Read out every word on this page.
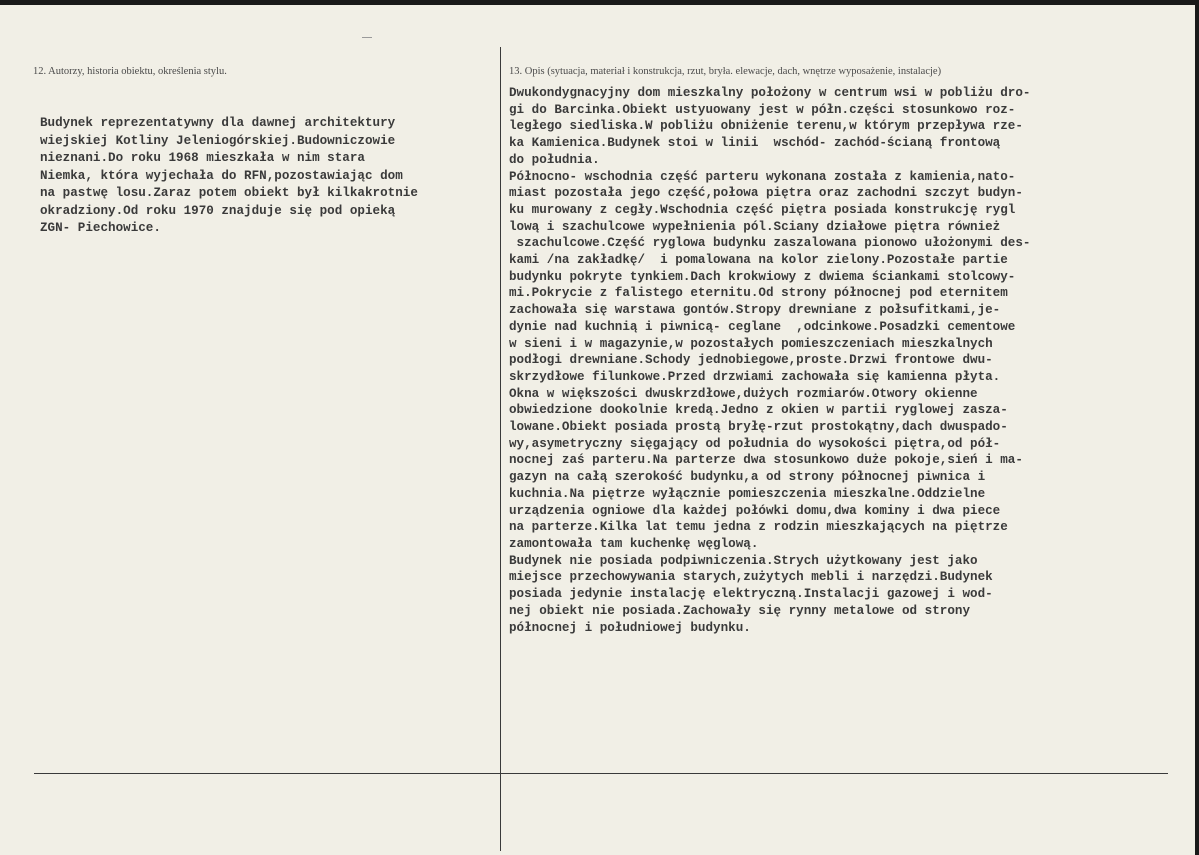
12. Autorzy, historia obiektu, określenia stylu.	13. Opis (sytuacja, materiał i konstrukcja, rzut, bryła. elewacje, dach, wnętrze wyposażenie, instalacje)
Budynek reprezentatywny dla dawnej architektury
wiejskiej Kotliny Jeleniogórskiej.Budowniczowie
nieznani.Do roku 1968 mieszkała w nim stara
Niemka, która wyjechała do RFN,pozostawiając dom
na pastwę losu.Zaraz potem obiekt był kilkakrotnie
okradziony.Od roku 1970 znajduje się pod opieką
ZGN- Piechowice.
Dwukondygnacyjny dom mieszkalny położony w centrum wsi w pobliżu dro-
gi do Barcinka.Obiekt ustyuowany jest w półn.części stosunkowo roz-
ległego siedliska.W pobliżu obniżenie terenu,w którym przepływa rze-
ka Kamienica.Budynek stoi w linii  wschód- zachód-ścianą frontową
do południa.
Północno- wschodnia część parteru wykonana została z kamienia,nato-
miast pozostała jego część,połowa piętra oraz zachodni szczyt budyn-
ku murowany z cegły.Wschodnia część piętra posiada konstrukcję rygl
lową i szachulcowe wypełnienia pól.Sciany działowe piętra również
szachulcowe.Część ryglowa budynku zaszalowana pionowo ułożonymi des-
kami /na zakładkę/  i pomalowana na kolor zielony.Pozostałe partie
budynku pokryte tynkiem.Dach krokwiowy z dwiema ściankami stolcowy-
mi.Pokrycie z falistego eternitu.Od strony północnej pod eternitem
zachowała się warstawa gontów.Stropy drewniane z połsufitkami,je-
dynie nad kuchnią i piwnicą- ceglane  ,odcinkowe.Posadzki cementowe
w sieni i w magazynie,w pozostałych pomieszczeniach mieszkalnych
podłogi drewniane.Schody jednobiegowe,proste.Drzwi frontowe dwu-
skrzydłowe filunkowe.Przed drzwiami zachowała się kamienna płyta.
Okna w większości dwuskrzdłowe,dużych rozmiarów.Otwory okienne
obwiedzione dookolnie kredą.Jedno z okien w partii ryglowej zasza-
lowane.Obiekt posiada prostą bryłę-rzut prostokątny,dach dwuspado-
wy,asymetryczny sięgający od południa do wysokości piętra,od pół-
nocnej zaś parteru.Na parterze dwa stosunkowo duże pokoje,sień i ma-
gazyn na całą szerokość budynku,a od strony północnej piwnica i
kuchnia.Na piętrze wyłącznie pomieszczenia mieszkalne.Oddzielne
urządzenia ogniowe dla każdej połówki domu,dwa kominy i dwa piece
na parterze.Kilka lat temu jedna z rodzin mieszkających na piętrze
zamontowała tam kuchenkę węglową.
Budynek nie posiada podpiwniczenia.Strych użytkowany jest jako
miejsce przechowywania starych,zużytych mebli i narzędzi.Budynek
posiada jedynie instalację elektryczną.Instalacji gazowej i wod-
nej obiekt nie posiada.Zachowały się rynny metalowe od strony
północnej i południowej budynku.
